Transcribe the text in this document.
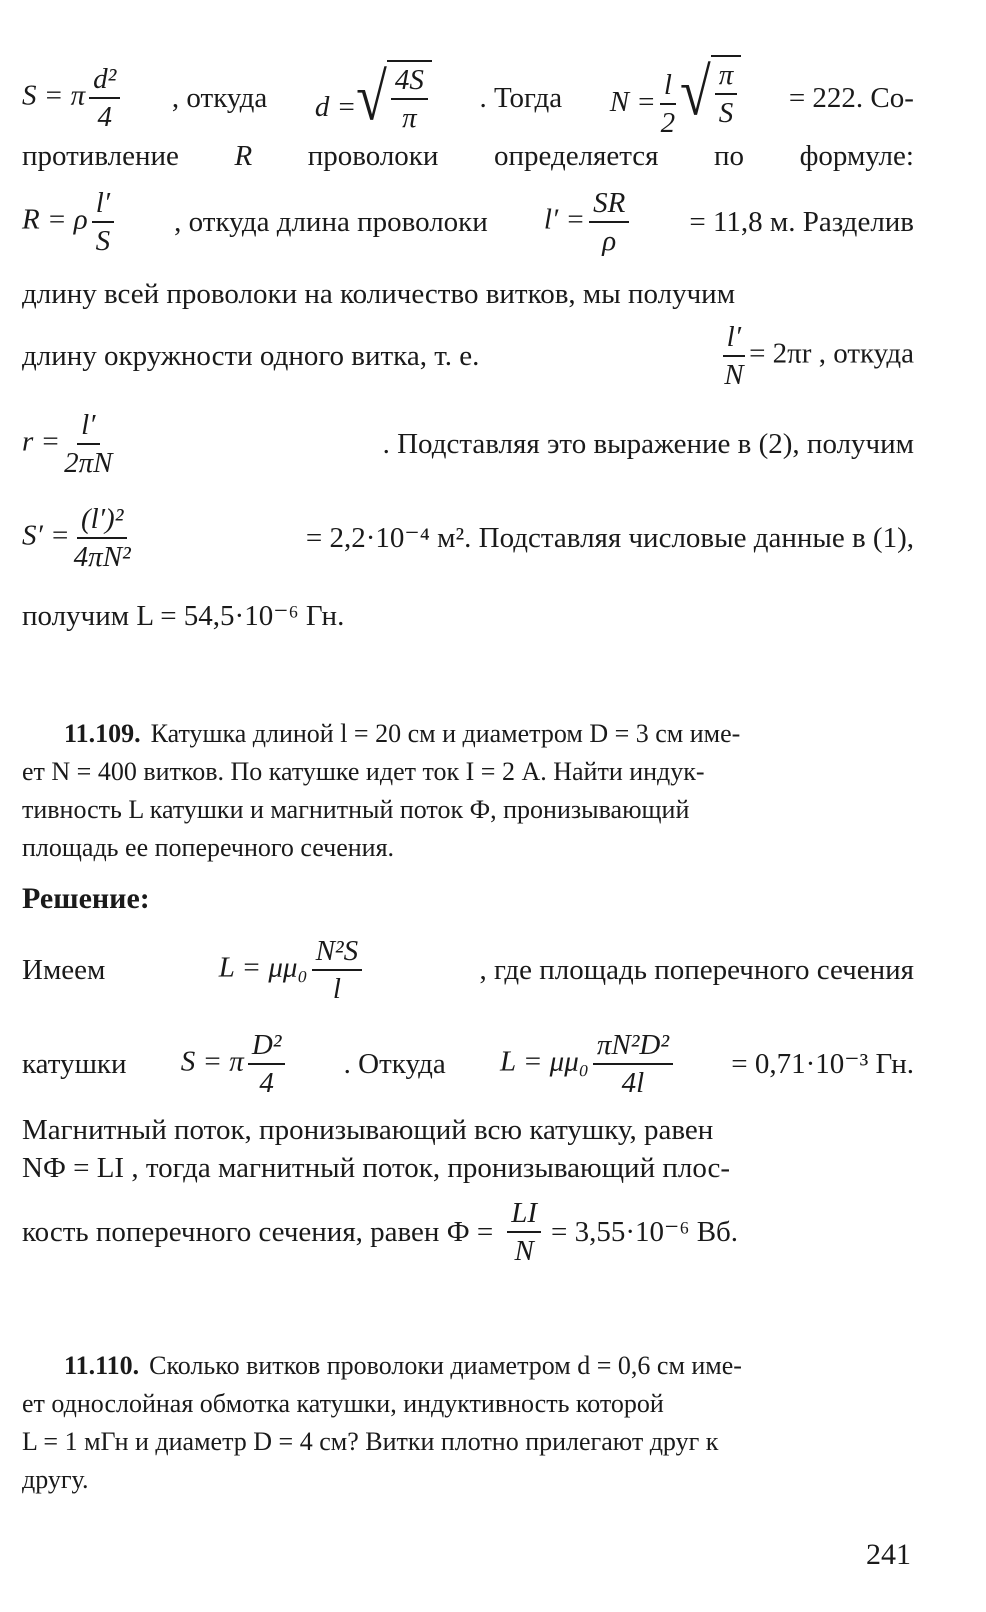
S = π $\frac{\text{d²}}{4}$ , откуда d = √ $\frac{4S}{\pi}$ . Тогда $N = \frac{l}{2}$ √ $\frac{\pi}{S} = 222$. Со-
противление R проволоки определяется по формуле:
R = ρ $\frac{l'}{S}$ , откуда длина проволоки $l' = \frac{SR}{\rho} = 11,8$ м. Разделив
длину всей проволоки на количество витков, мы получим
длину окружности одного витка, т. е.	$\frac{l'}{N} = 2\pi r$ , откуда
$r = \frac{l'}{2\pi N}$	. Подставляя это выражение в (2), получим
$S' = \frac{\text{(l′)²}}{\text{4πN²}}$	= 2,2·10⁻⁴ м². Подставляя числовые данные в (1),
получим L = 54,5·10⁻⁶ Гн.
11.109. Катушка длиной l = 20 см и диаметром D = 3 см име-
ет N = 400 витков. По катушке идет ток I = 2 А. Найти индук-
тивность L катушки и магнитный поток Ф, пронизывающий
площадь ее поперечного сечения.
Решение:
Имеем	$L = \mu\mu_0 \frac{\text{N²S}}{l}$	, где площадь поперечного сечения
катушки S = π $\frac{\text{D²}}{4}$ . Откуда $L = \mu\mu_0 \frac{\text{πN²D²}}{4l} = 0,71\cdot 10^{-3}$ Гн.
Магнитный поток, пронизывающий всю катушку, равен
NФ = LI , тогда магнитный поток, пронизывающий плос-
кость поперечного сечения, равен $Ф = \frac{LI}{N} = 3,55\cdot 10^{-6}$ Вб.
11.110. Сколько витков проволоки диаметром d = 0,6 см име-
ет однослойная обмотка катушки, индуктивность которой
L = 1 мГн и диаметр D = 4 см? Витки плотно прилегают друг к
другу.
241
